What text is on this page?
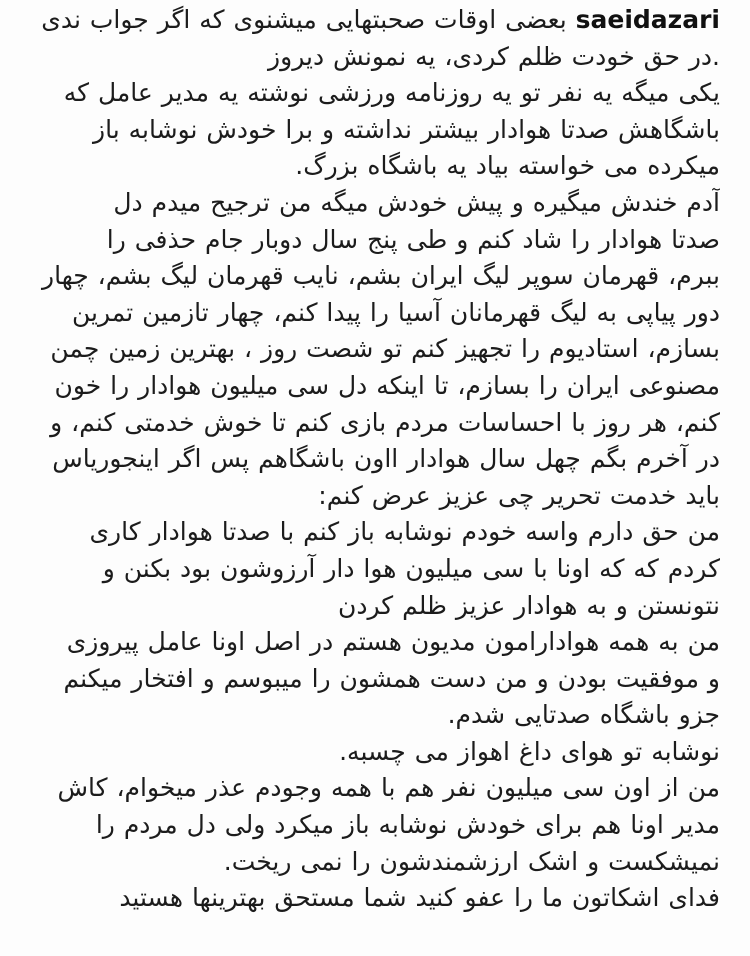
saeidazari بعضی اوقات صحبتهایی میشنوی که اگر جواب ندی
.در حق خودت ظلم کردی، یه نمونش دیروز
یکی میگه یه نفر تو یه روزنامه ورزشی نوشته یه مدیر عامل که
باشگاهش صدتا هوادار بیشتر نداشته و برا خودش نوشابه باز
میکرده می خواسته بیاد یه باشگاه بزرگ.
آدم خندش میگیره و پیش خودش میگه من ترجیح میدم دل
صدتا هوادار را شاد کنم و طی پنج سال دوبار جام حذفی را
ببرم، قهرمان سوپر لیگ ایران بشم، نایب قهرمان لیگ بشم، چهار
دور پیاپی به لیگ قهرمانان آسیا را پیدا کنم، چهار تازمین تمرین
بسازم، استادیوم را تجهیز کنم تو شصت روز ، بهترین زمین چمن
مصنوعی ایران را بسازم، تا اینکه دل سی میلیون هوادار را خون
کنم، هر روز با احساسات مردم بازی کنم تا خوش خدمتی کنم، و
در آخرم بگم چهل سال هوادار ااون باشگاهم پس اگر اینجوریاس
باید خدمت تحریر چی عزیز عرض کنم:
من حق دارم واسه خودم نوشابه باز کنم با صدتا هوادار کاری
کردم که که اونا با سی میلیون هوا دار آرزوشون بود بکنن و
نتونستن و به هوادار عزیز ظلم کردن
من به همه هوادارامون مدیون هستم در اصل اونا عامل پیروزی
و موفقیت بودن و من دست همشون را میبوسم و افتخار میکنم
جزو باشگاه صدتایی شدم.
نوشابه تو هوای داغ اهواز می چسبه.
من از اون سی میلیون نفر هم با همه وجودم عذر میخوام، کاش
مدیر اونا هم برای خودش نوشابه باز میکرد ولی دل مردم را
نمیشکست و اشک ارزشمندشون را نمی ریخت.
فدای اشکاتون ما را عفو کنید شما مستحق بهترینها هستید
